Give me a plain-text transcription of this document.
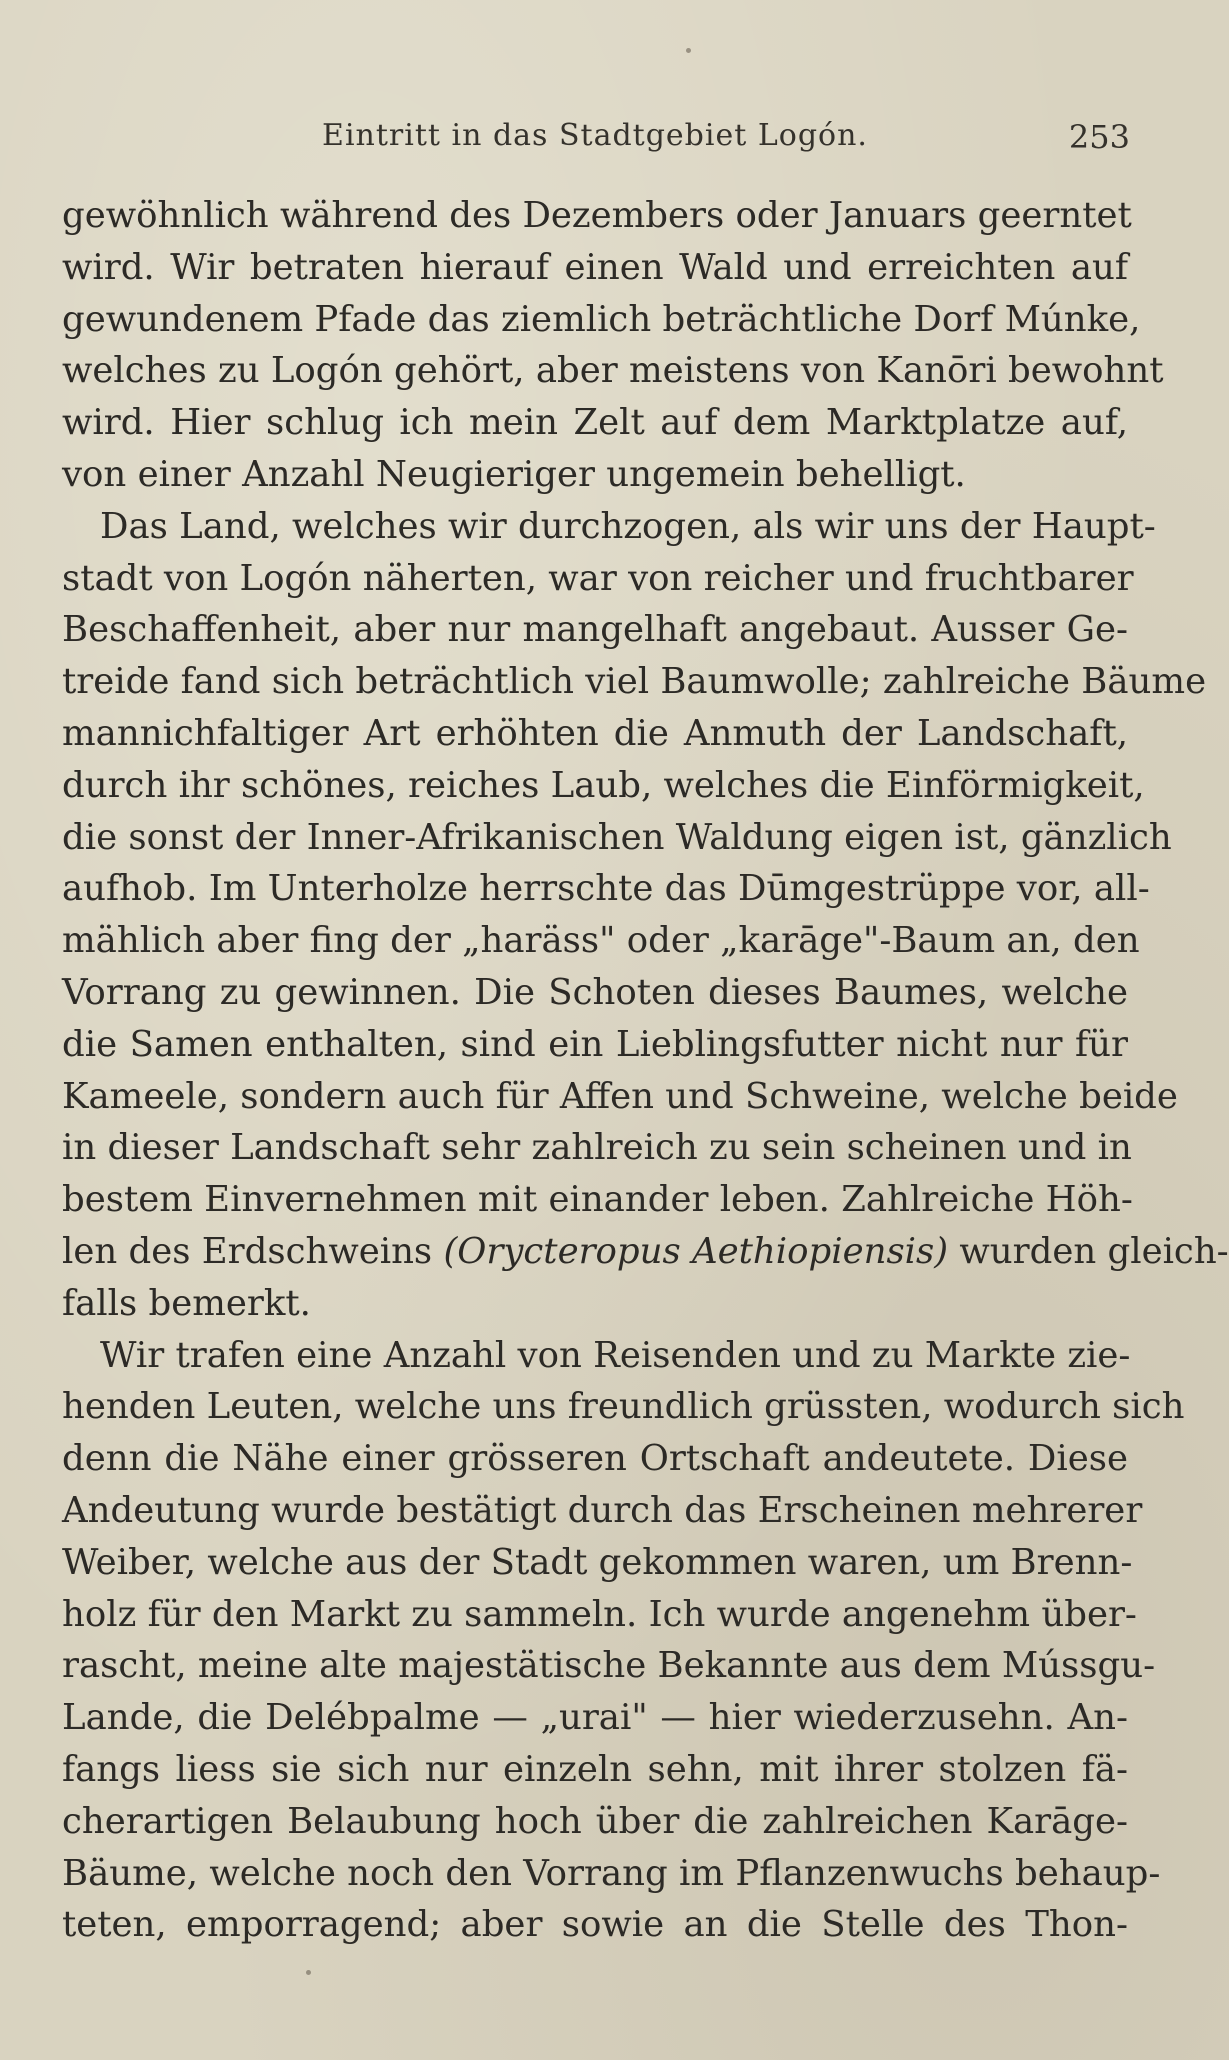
Eintritt in das Stadtgebiet Logón.	253
gewöhnlich während des Dezembers oder Januars geerntet
wird. Wir betraten hierauf einen Wald und erreichten auf
gewundenem Pfade das ziemlich beträchtliche Dorf Múnke,
welches zu Logón gehört, aber meistens von Kanōri bewohnt
wird. Hier schlug ich mein Zelt auf dem Marktplatze auf,
von einer Anzahl Neugieriger ungemein behelligt.
Das Land, welches wir durchzogen, als wir uns der Haupt-
stadt von Logón näherten, war von reicher und fruchtbarer
Beschaffenheit, aber nur mangelhaft angebaut. Ausser Ge-
treide fand sich beträchtlich viel Baumwolle; zahlreiche Bäume
mannichfaltiger Art erhöhten die Anmuth der Landschaft,
durch ihr schönes, reiches Laub, welches die Einförmigkeit,
die sonst der Inner-Afrikanischen Waldung eigen ist, gänzlich
aufhob. Im Unterholze herrschte das Dūmgestrüppe vor, all-
mählich aber fing der „haräss" oder „karāge"-Baum an, den
Vorrang zu gewinnen. Die Schoten dieses Baumes, welche
die Samen enthalten, sind ein Lieblingsfutter nicht nur für
Kameele, sondern auch für Affen und Schweine, welche beide
in dieser Landschaft sehr zahlreich zu sein scheinen und in
bestem Einvernehmen mit einander leben. Zahlreiche Höh-
len des Erdschweins (Orycteropus Aethiopiensis) wurden gleich-
falls bemerkt.
Wir trafen eine Anzahl von Reisenden und zu Markte zie-
henden Leuten, welche uns freundlich grüssten, wodurch sich
denn die Nähe einer grösseren Ortschaft andeutete. Diese
Andeutung wurde bestätigt durch das Erscheinen mehrerer
Weiber, welche aus der Stadt gekommen waren, um Brenn-
holz für den Markt zu sammeln. Ich wurde angenehm über-
rascht, meine alte majestätische Bekannte aus dem Mússgu-
Lande, die Delébpalme — „urai" — hier wiederzusehn. An-
fangs liess sie sich nur einzeln sehn, mit ihrer stolzen fä-
cherartigen Belaubung hoch über die zahlreichen Karāge-
Bäume, welche noch den Vorrang im Pflanzenwuchs behaup-
teten, emporragend; aber sowie an die Stelle des Thon-
